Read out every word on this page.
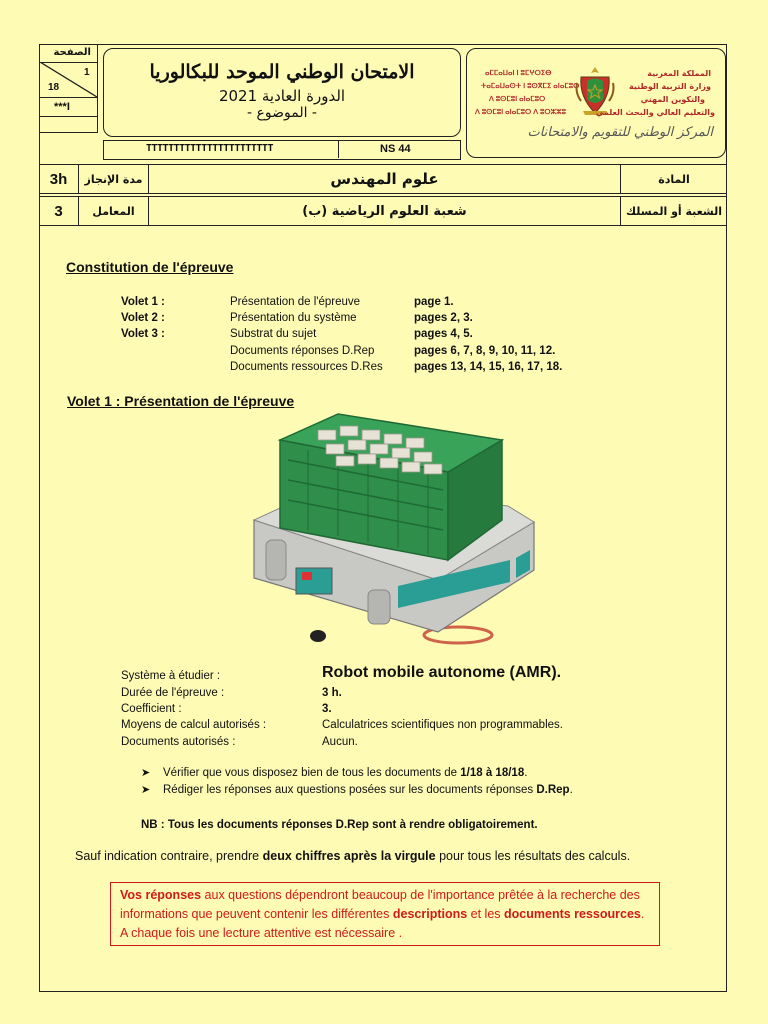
الصفحة
1
18
***I
الامتحان الوطني الموحد للبكالوريا
الدورة العادية 2021
- الموضوع -
TTTTTTTTTTTTTTTTTTTTTTT	NS 44
ⴰⵎⵎⴰⵡⴰⵏ ⵏ ⵓⵎⵖⵔⵉⴱ
ⵜⴰⵎⴰⵡⴰⵙⵜ ⵏ ⵓⵙⴳⵎⵉ ⴰⵏⴰⵎⵓⵔ
ⴷ ⵓⵙⵎⵓⵏ ⴰⵏⴰⵎⵓⵔ
ⴷ ⵓⵙⵎⵓⵏ ⴰⵏⴰⵎⵓⵔ ⴷ ⵓⵔⵣⵣⵓ
المملكة المغربية
وزارة التربية الوطنية
والتكوين المهني
والتعليم العالي والبحث العلمي
المركز الوطني للتقويم والامتحانات
3h	مدة الإنجاز	علوم المهندس	المادة
3	المعامل	شعبة العلوم الرياضية (ب)	الشعبة أو المسلك
Constitution de l'épreuve
Volet 1 :	Présentation de l'épreuve	page 1.
Volet 2 :	Présentation du système	pages 2, 3.
Volet 3 :	Substrat du sujet	pages 4, 5.
Documents réponses D.Rep	pages 6, 7, 8, 9, 10, 11, 12.
Documents ressources D.Res	pages 13, 14, 15, 16, 17, 18.
Volet 1 : Présentation de l'épreuve
Système à étudier :	Robot mobile autonome (AMR).
Durée de l'épreuve :	3 h.
Coefficient :	3.
Moyens de calcul autorisés :	Calculatrices scientifiques non programmables.
Documents autorisés :	Aucun.
➤ Vérifier que vous disposez bien de tous les documents de 1/18 à 18/18.
➤ Rédiger les réponses aux questions posées sur les documents réponses D.Rep.
NB : Tous les documents réponses D.Rep sont à rendre obligatoirement.
Sauf indication contraire, prendre deux chiffres après la virgule pour tous les résultats des calculs.
Vos réponses aux questions dépendront beaucoup de l'importance prêtée à la recherche des informations que peuvent contenir les différentes descriptions et les documents ressources. A chaque fois une lecture attentive est nécessaire .
